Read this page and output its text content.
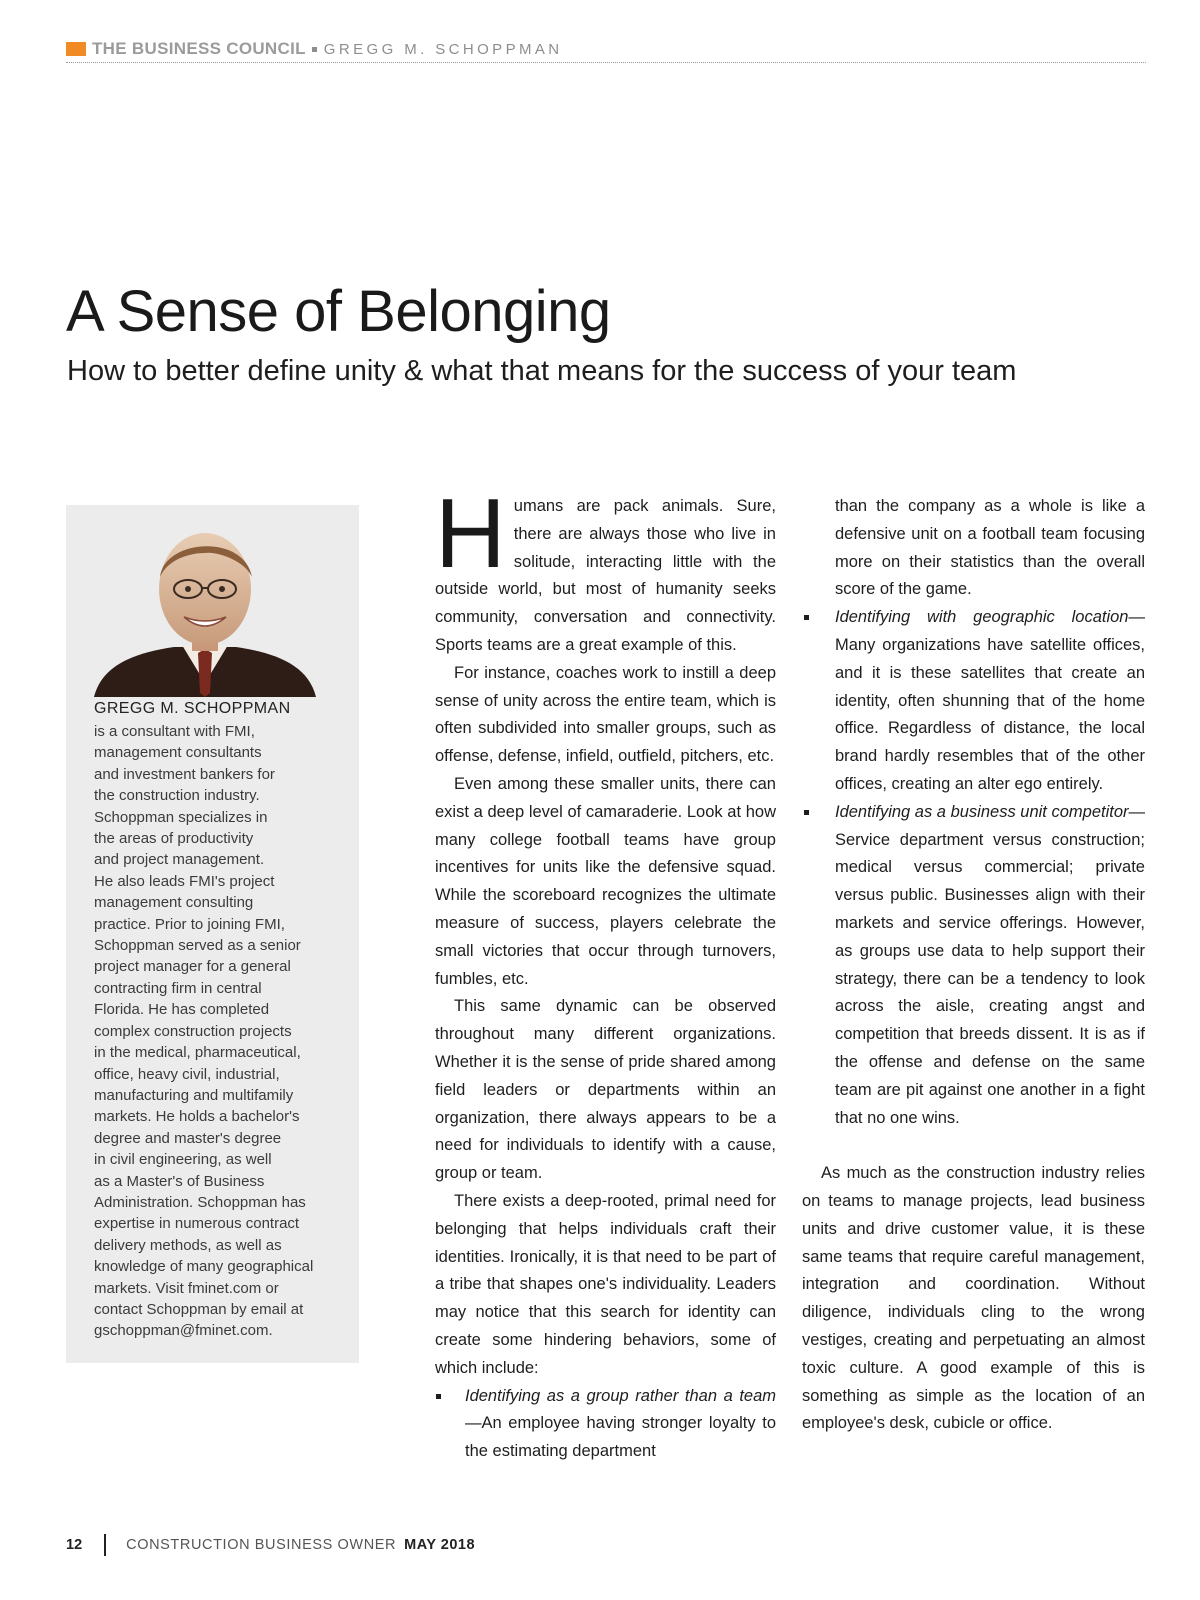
THE BUSINESS COUNCIL GREGG M. SCHOPPMAN
A Sense of Belonging
How to better define unity & what that means for the success of your team
GREGG M. SCHOPPMAN

is a consultant with FMI,
management consultants
and investment bankers for
the construction industry.
Schoppman specializes in
the areas of productivity
and project management.
He also leads FMI's project
management consulting
practice. Prior to joining FMI,
Schoppman served as a senior
project manager for a general
contracting firm in central
Florida. He has completed
complex construction projects
in the medical, pharmaceutical,
office, heavy civil, industrial,
manufacturing and multifamily
markets. He holds a bachelor's
degree and master's degree
in civil engineering, as well
as a Master's of Business
Administration. Schoppman has
expertise in numerous contract
delivery methods, as well as
knowledge of many geographical
markets. Visit fminet.com or
contact Schoppman by email at
gschoppman@fminet.com.

Humans are pack animals. Sure, there are always those who live in solitude, interacting little with the outside world, but most of humanity seeks community, conversation and connectivity. Sports teams are a great example of this.

For instance, coaches work to instill a deep sense of unity across the entire team, which is often subdivided into smaller groups, such as offense, defense, infield, outfield, pitchers, etc.

Even among these smaller units, there can exist a deep level of camaraderie. Look at how many college football teams have group incentives for units like the defensive squad. While the scoreboard recognizes the ultimate measure of success, players celebrate the small victories that occur through turnovers, fumbles, etc.

This same dynamic can be observed throughout many different organizations. Whether it is the sense of pride shared among field leaders or departments within an organization, there always appears to be a need for individuals to identify with a cause, group or team.

There exists a deep-rooted, primal need for belonging that helps individuals craft their identities. Ironically, it is that need to be part of a tribe that shapes one's individuality. Leaders may notice that this search for identity can create some hindering behaviors, some of which include:

Identifying as a group rather than a team—An employee having stronger loyalty to the estimating department

than the company as a whole is like a defensive unit on a football team focusing more on their statistics than the overall score of the game.

Identifying with geographic location—Many organizations have satellite offices, and it is these satellites that create an identity, often shunning that of the home office. Regardless of distance, the local brand hardly resembles that of the other offices, creating an alter ego entirely.

Identifying as a business unit competitor—Service department versus construction; medical versus commercial; private versus public. Businesses align with their markets and service offerings. However, as groups use data to help support their strategy, there can be a tendency to look across the aisle, creating angst and competition that breeds dissent. It is as if the offense and defense on the same team are pit against one another in a fight that no one wins.

As much as the construction industry relies on teams to manage projects, lead business units and drive customer value, it is these same teams that require careful management, integration and coordination. Without diligence, individuals cling to the wrong vestiges, creating and perpetuating an almost toxic culture. A good example of this is something as simple as the location of an employee's desk, cubicle or office.

12	CONSTRUCTION BUSINESS OWNER MAY 2018
